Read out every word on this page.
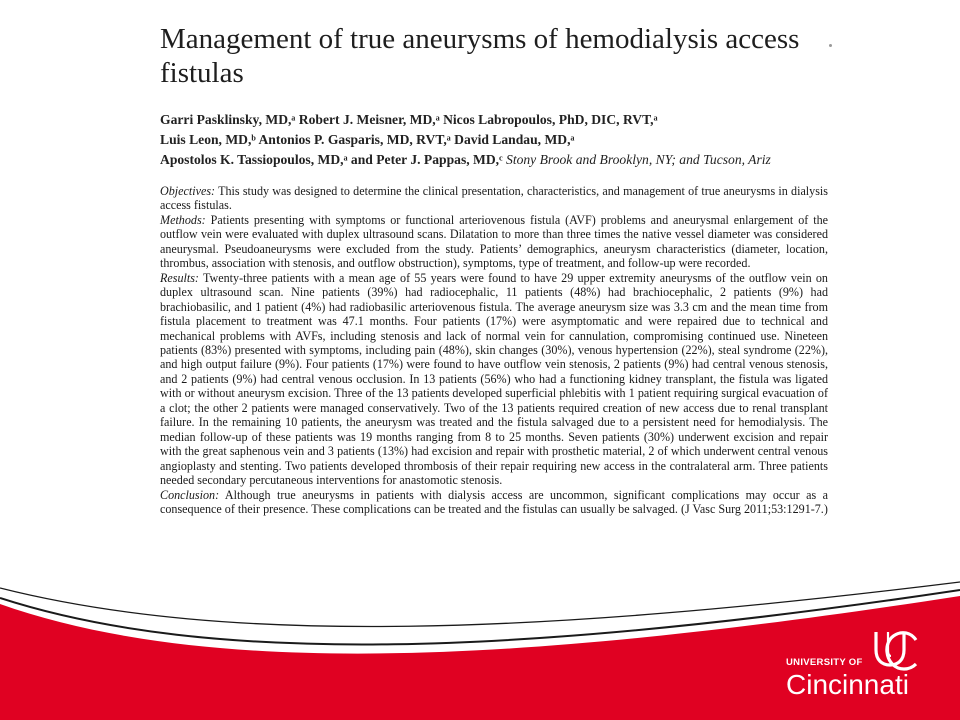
Management of true aneurysms of hemodialysis access fistulas
Garri Pasklinsky, MD,ᵃ Robert J. Meisner, MD,ᵃ Nicos Labropoulos, PhD, DIC, RVT,ᵃ
Luis Leon, MD,ᵇ Antonios P. Gasparis, MD, RVT,ᵃ David Landau, MD,ᵃ
Apostolos K. Tassiopoulos, MD,ᵃ and Peter J. Pappas, MD,ᶜ Stony Brook and Brooklyn, NY; and Tucson, Ariz

Objectives: This study was designed to determine the clinical presentation, characteristics, and management of true aneurysms in dialysis access fistulas.

Methods: Patients presenting with symptoms or functional arteriovenous fistula (AVF) problems and aneurysmal enlargement of the outflow vein were evaluated with duplex ultrasound scans. Dilatation to more than three times the native vessel diameter was considered aneurysmal. Pseudoaneurysms were excluded from the study. Patients’ demographics, aneurysm characteristics (diameter, location, thrombus, association with stenosis, and outflow obstruction), symptoms, type of treatment, and follow-up were recorded.

Results: Twenty-three patients with a mean age of 55 years were found to have 29 upper extremity aneurysms of the outflow vein on duplex ultrasound scan. Nine patients (39%) had radiocephalic, 11 patients (48%) had brachiocephalic, 2 patients (9%) had brachiobasilic, and 1 patient (4%) had radiobasilic arteriovenous fistula. The average aneurysm size was 3.3 cm and the mean time from fistula placement to treatment was 47.1 months. Four patients (17%) were asymptomatic and were repaired due to technical and mechanical problems with AVFs, including stenosis and lack of normal vein for cannulation, compromising continued use. Nineteen patients (83%) presented with symptoms, including pain (48%), skin changes (30%), venous hypertension (22%), steal syndrome (22%), and high output failure (9%). Four patients (17%) were found to have outflow vein stenosis, 2 patients (9%) had central venous stenosis, and 2 patients (9%) had central venous occlusion. In 13 patients (56%) who had a functioning kidney transplant, the fistula was ligated with or without aneurysm excision. Three of the 13 patients developed superficial phlebitis with 1 patient requiring surgical evacuation of a clot; the other 2 patients were managed conservatively. Two of the 13 patients required creation of new access due to renal transplant failure. In the remaining 10 patients, the aneurysm was treated and the fistula salvaged due to a persistent need for hemodialysis. The median follow-up of these patients was 19 months ranging from 8 to 25 months. Seven patients (30%) underwent excision and repair with the great saphenous vein and 3 patients (13%) had excision and repair with prosthetic material, 2 of which underwent central venous angioplasty and stenting. Two patients developed thrombosis of their repair requiring new access in the contralateral arm. Three patients needed secondary percutaneous interventions for anastomotic stenosis.

Conclusion: Although true aneurysms in patients with dialysis access are uncommon, significant complications may occur as a consequence of their presence. These complications can be treated and the fistulas can usually be salvaged. (J Vasc Surg 2011;53:1291-7.)

UNIVERSITY OF
Cincinnati
